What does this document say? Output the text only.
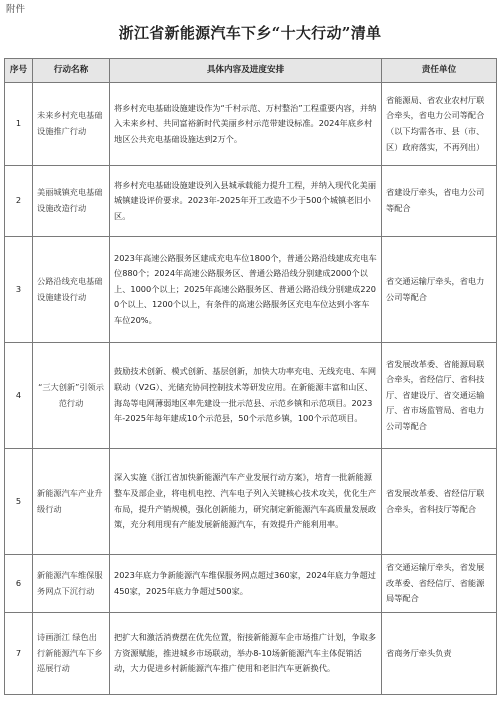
附件
浙江省新能源汽车下乡“十大行动”清单
序号	行动名称	具体内容及进度安排	责任单位
1	未来乡村充电基础设施推广行动	将乡村充电基础设施建设作为“千村示范、万村整治”工程重要内容，并纳入未来乡村、共同富裕新时代美丽乡村示范带建设标准。2024年底乡村地区公共充电基础设施达到2万个。	省能源局、省农业农村厅联合牵头，省电力公司等配合（以下均需各市、县（市、区）政府落实，不再列出）
2	美丽城镇充电基础设施改造行动	将乡村充电基础设施建设列入县城承载能力提升工程，并纳入现代化美丽城镇建设评价要求。2023年-2025年开工改造不少于500个城镇老旧小区。	省建设厅牵头，省电力公司等配合
3	公路沿线充电基础设施建设行动	2023年高速公路服务区建成充电车位1800个，普通公路沿线建成充电车位880个；2024年高速公路服务区、普通公路沿线分别建成2000个以上、1000个以上；2025年高速公路服务区、普通公路沿线分别建成2200个以上、1200个以上，有条件的高速公路服务区充电车位达到小客车车位20%。	省交通运输厅牵头，省电力公司等配合
4	“三大创新”引领示范行动	鼓励技术创新、模式创新、基层创新，加快大功率充电、无线充电、车网联动（V2G）、光储充协同控制技术等研发应用。在新能源丰富和山区、海岛等电网薄弱地区率先建设一批示范县、示范乡镇和示范项目。2023年-2025年每年建成10个示范县，50个示范乡镇，100个示范项目。	省发展改革委、省能源局联合牵头，省经信厅、省科技厅、省建设厅、省交通运输厅、省市场监管局、省电力公司等配合
5	新能源汽车产业升级行动	深入实施《浙江省加快新能源汽车产业发展行动方案》，培育一批新能源整车及部企业，将电机电控、汽车电子列入关键核心技术攻关，优化生产布局，提升产销规模，强化创新能力，研究制定新能源汽车高质量发展政策，充分利用现有产能发展新能源汽车，有效提升产能利用率。	省发展改革委、省经信厅联合牵头，省科技厅等配合
6	新能源汽车维保服务网点下沉行动	2023年底力争新能源汽车维保服务网点超过360家，2024年底力争超过450家，2025年底力争超过500家。	省交通运输厅牵头，省发展改革委、省经信厅、省能源局等配合
7	诗画浙江 绿色出行新能源汽车下乡巡展行动	把扩大和激活消费摆在优先位置，衔接新能源车企市场推广计划，争取多方资源赋能，推进城乡市场联动，举办8-10场新能源汽车主体促销活动，大力促进乡村新能源汽车推广使用和老旧汽车更新换代。	省商务厅牵头负责
